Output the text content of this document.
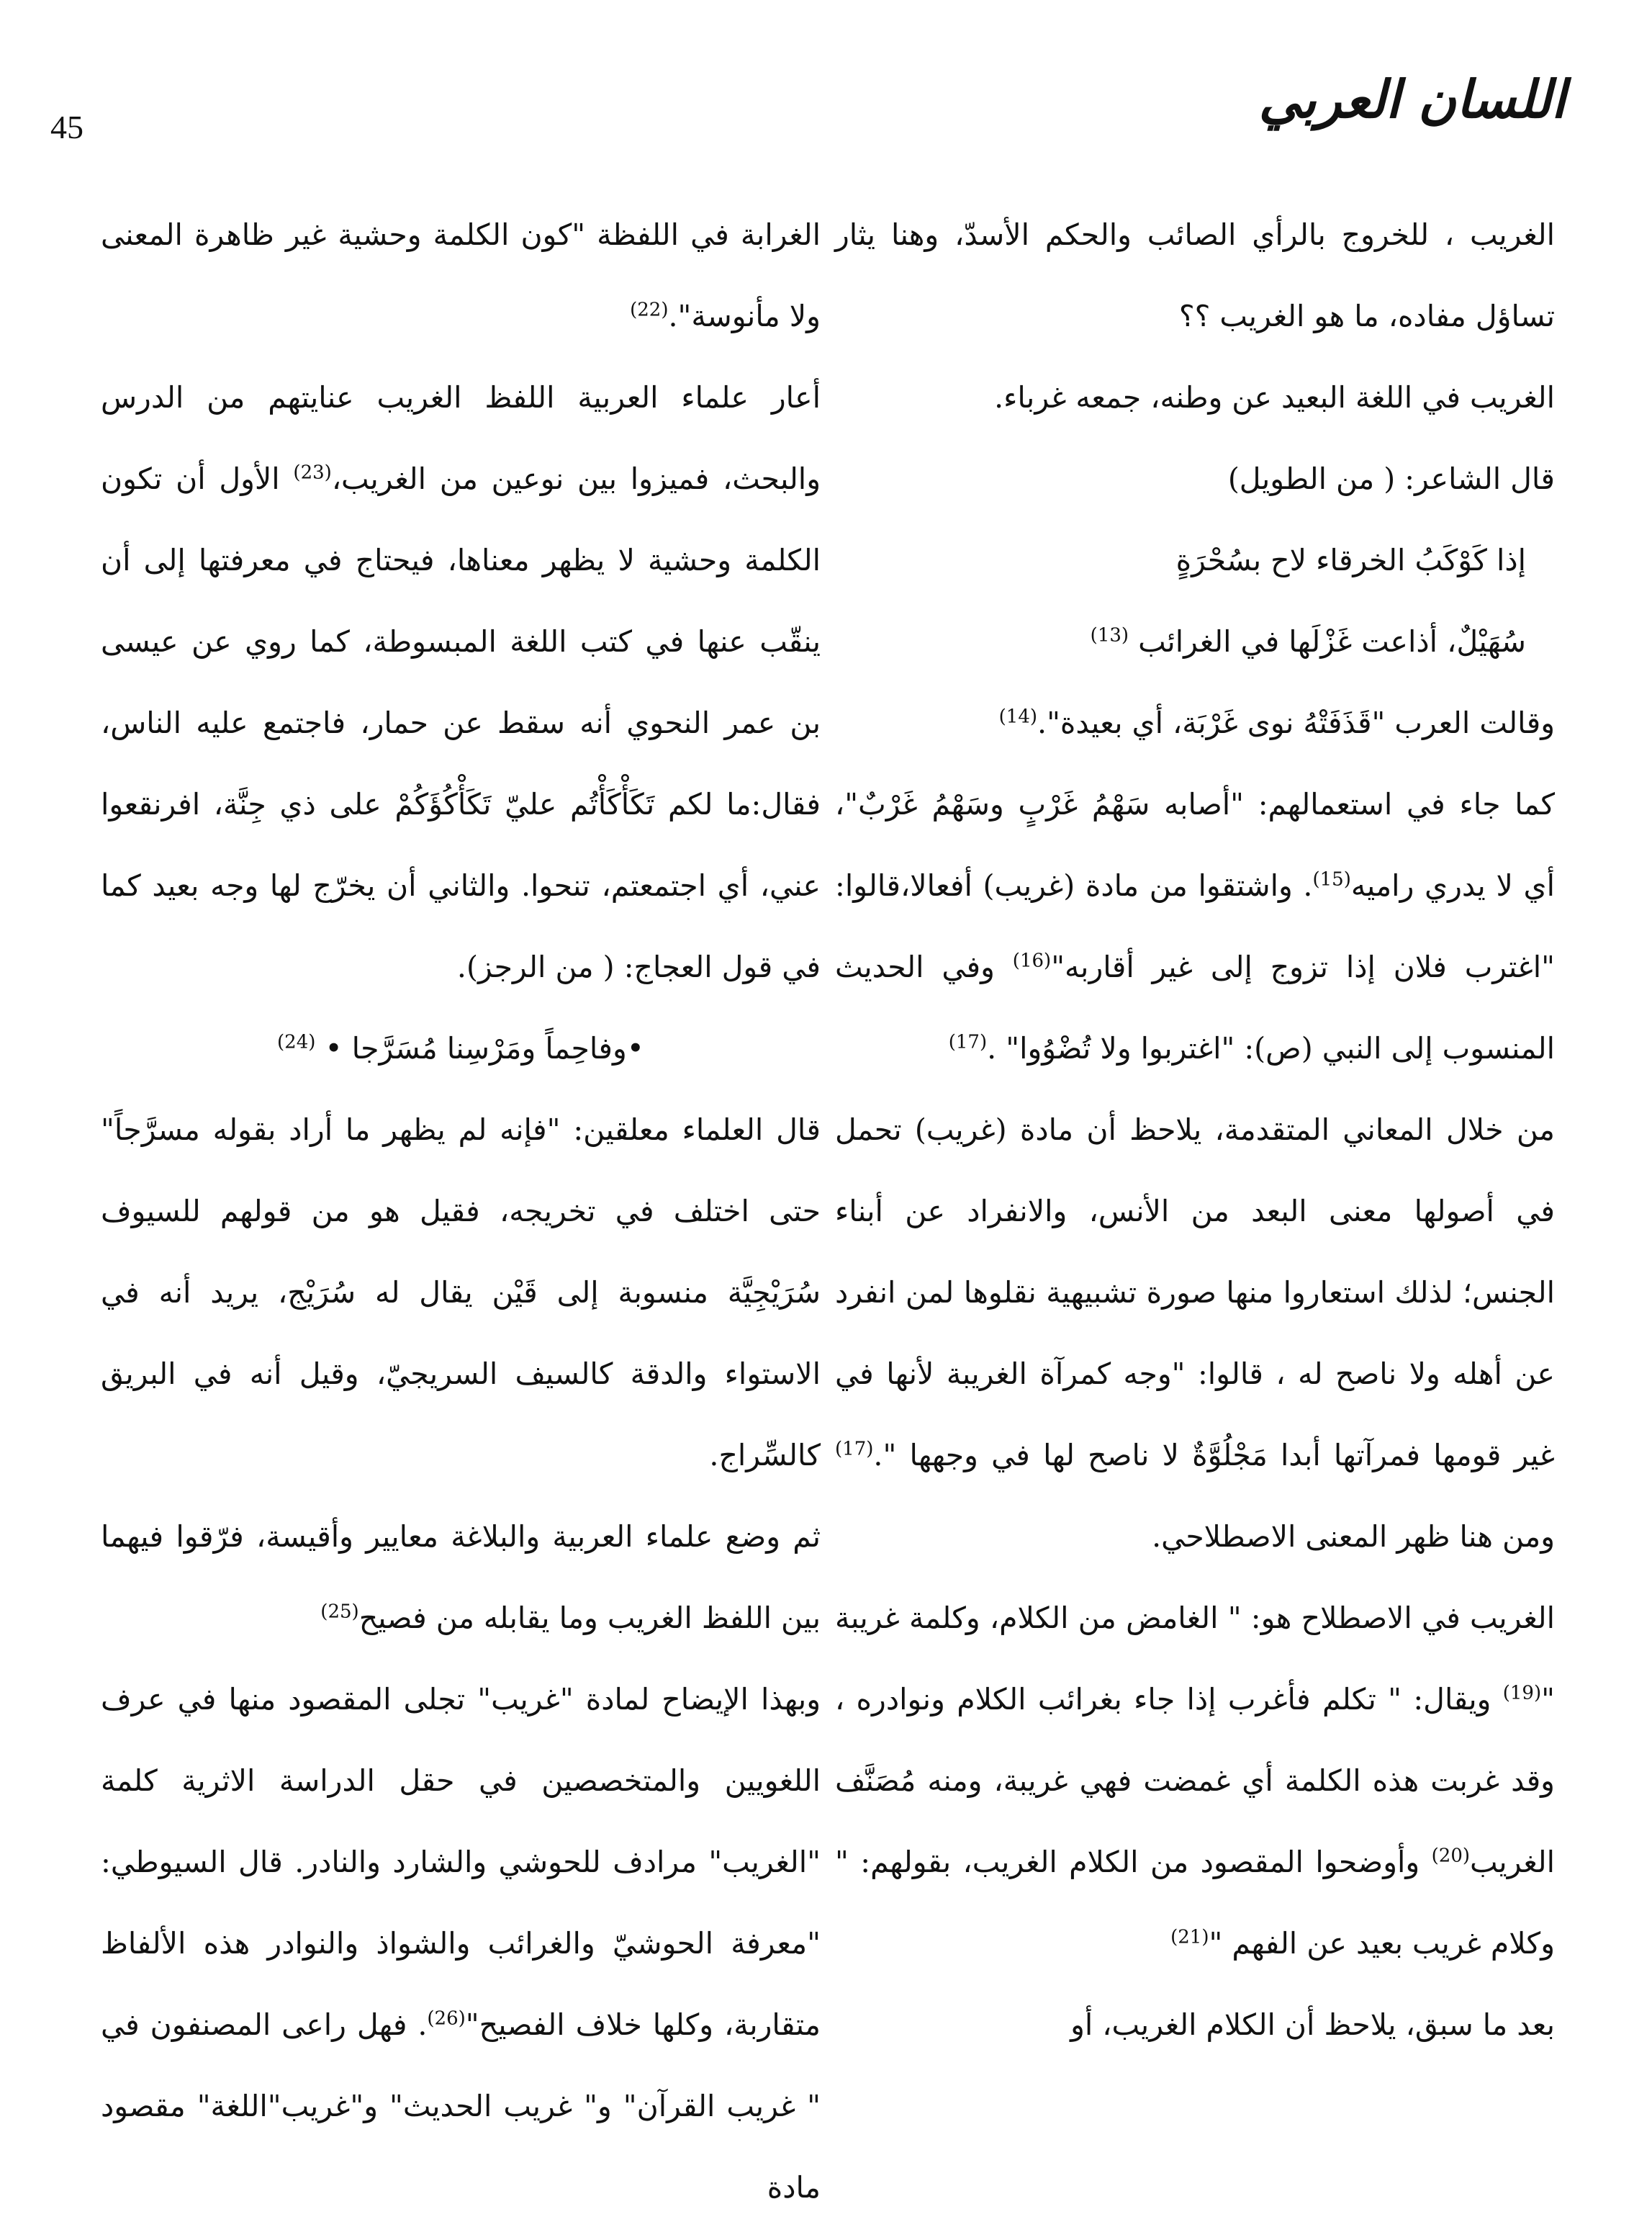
45	اللسان العربي

الغريب ، للخروج بالرأي الصائب والحكم الأسدّ، وهنا يثار تساؤل مفاده، ما هو الغريب ؟؟

الغريب في اللغة البعيد عن وطنه، جمعه غرباء.

قال الشاعر: ( من الطويل)

إذا كَوْكَبُ الخرقاء لاح بسُحْرَةٍ

سُهَيْلٌ، أذاعت غَزْلَها في الغرائب $^{(13)}$

وقالت العرب "قَذَفَتْهُ نوى غَرْبَة، أي بعيدة".$^{(14)}$

كما جاء في استعمالهم: "أصابه سَهْمُ غَرْبٍ وسَهْمُ غَرْبٌ"، أي لا يدري راميه$^{(15)}$. واشتقوا من مادة (غريب) أفعالا،قالوا: "اغترب فلان إذا تزوج إلى غير أقاربه"$^{(16)}$ وفي الحديث المنسوب إلى النبي (ص): "اغتربوا ولا تُضْوُوا" .$^{(17)}$

من خلال المعاني المتقدمة، يلاحظ أن مادة (غريب) تحمل في أصولها معنى البعد من الأنس، والانفراد عن أبناء الجنس؛ لذلك استعاروا منها صورة تشبيهية نقلوها لمن انفرد عن أهله ولا ناصح له ، قالوا: "وجه كمرآة الغريبة لأنها في غير قومها فمرآتها أبدا مَجْلُوَّةٌ لا ناصح لها في وجهها ".$^{(17)}$ ومن هنا ظهر المعنى الاصطلاحي.

الغريب في الاصطلاح هو: " الغامض من الكلام، وكلمة غريبة "$^{(19)}$ ويقال: " تكلم فأغرب إذا جاء بغرائب الكلام ونوادره ، وقد غربت هذه الكلمة أي غمضت فهي غريبة، ومنه مُصَنَّف الغريب$^{(20)}$ وأوضحوا المقصود من الكلام الغريب، بقولهم: " وكلام غريب بعيد عن الفهم "$^{(21)}$

بعد ما سبق، يلاحظ أن الكلام الغريب، أو

الغرابة في اللفظة "كون الكلمة وحشية غير ظاهرة المعنى ولا مأنوسة".$^{(22)}$

أعار علماء العربية اللفظ الغريب عنايتهم من الدرس والبحث، فميزوا بين نوعين من الغريب،$^{(23)}$ الأول أن تكون الكلمة وحشية لا يظهر معناها، فيحتاج في معرفتها إلى أن ينقّب عنها في كتب اللغة المبسوطة، كما روي عن عيسى بن عمر النحوي أنه سقط عن حمار، فاجتمع عليه الناس، فقال:ما لكم تَكَأْكَأْتُم عليّ تَكَأْكُؤَكُمْ على ذي جِنَّة، افرنقعوا عني، أي اجتمعتم، تنحوا. والثاني أن يخرّج لها وجه بعيد كما في قول العجاج: ( من الرجز).

•وفاحِماً ومَرْسِنا مُسَرَّجا • $^{(24)}$

قال العلماء معلقين: "فإنه لم يظهر ما أراد بقوله مسرَّجاً" حتى اختلف في تخريجه، فقيل هو من قولهم للسيوف سُرَيْجِيَّة منسوبة إلى قَيْن يقال له سُرَيْج، يريد أنه في الاستواء والدقة كالسيف السريجيّ، وقيل أنه في البريق كالسِّراج.

ثم وضع علماء العربية والبلاغة معايير وأقيسة، فرّقوا فيهما بين اللفظ الغريب وما يقابله من فصيح$^{(25)}$

وبهذا الإيضاح لمادة "غريب" تجلى المقصود منها في عرف اللغويين والمتخصصين في حقل الدراسة الاثرية كلمة "الغريب" مرادف للحوشي والشارد والنادر. قال السيوطي: "معرفة الحوشيّ والغرائب والشواذ والنوادر هذه الألفاظ متقاربة، وكلها خلاف الفصيح"$^{(26)}$. فهل راعى المصنفون في " غريب القرآن" و" غريب الحديث" و"غريب"اللغة" مقصود مادة
